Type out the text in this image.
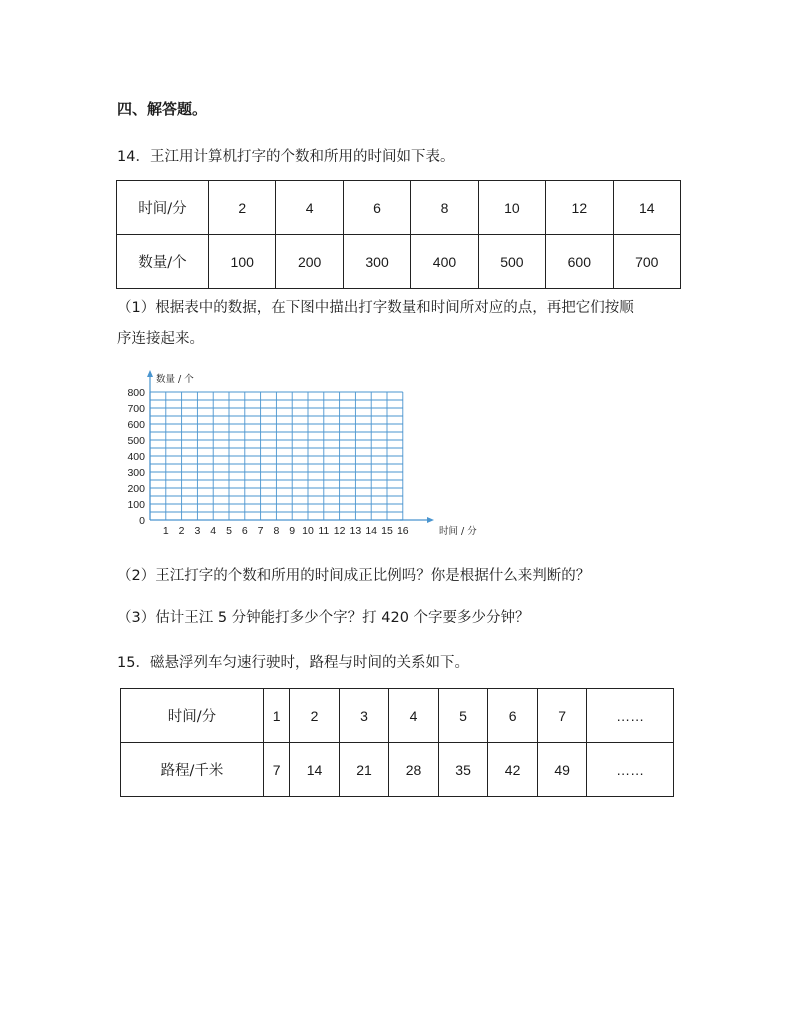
四、解答题。
14．王江用计算机打字的个数和所用的时间如下表。
时间/分	2	4	6	8	10	12	14
数量/个	100	200	300	400	500	600	700
（1）根据表中的数据，在下图中描出打字数量和时间所对应的点，再把它们按顺
序连接起来。
800
700
600
500
400
300
200
100
0
1 2 3 4 5 6 7 8 9 10 11 12 13 14 15 16
数量 / 个
时间 / 分
（2）王江打字的个数和所用的时间成正比例吗？你是根据什么来判断的？
（3）估计王江 5 分钟能打多少个字？打 420 个字要多少分钟？
15．磁悬浮列车匀速行驶时，路程与时间的关系如下。
时间/分	1	2	3	4	5	6	7	……
路程/千米	7	14	21	28	35	42	49	……
